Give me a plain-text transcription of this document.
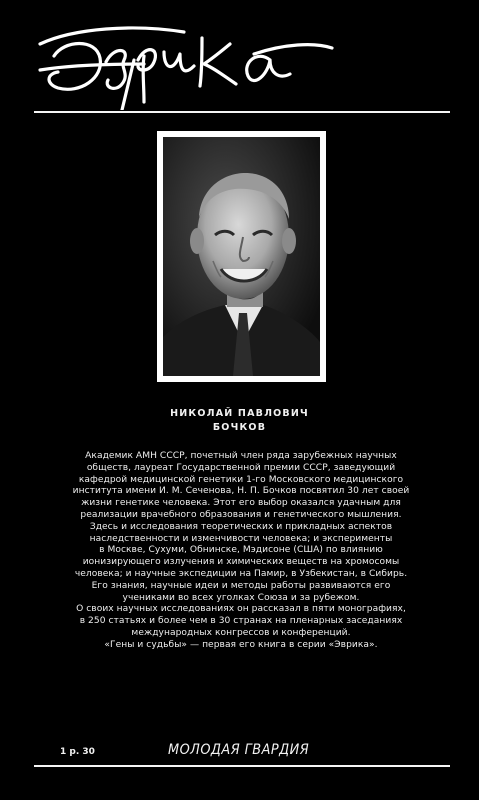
НИКОЛАЙ ПАВЛОВИЧ
БОЧКОВ
Академик АМН СССР, почетный член ряда зарубежных научных
обществ, лауреат Государственной премии СССР, заведующий
кафедрой медицинской генетики 1-го Московского медицинского
института имени И. М. Сеченова, Н. П. Бочков посвятил 30 лет своей
жизни генетике человека. Этот его выбор оказался удачным для
реализации врачебного образования и генетического мышления.
Здесь и исследования теоретических и прикладных аспектов
наследственности и изменчивости человека; и эксперименты
в Москве, Сухуми, Обнинске, Мэдисоне (США) по влиянию
ионизирующего излучения и химических веществ на хромосомы
человека; и научные экспедиции на Памир, в Узбекистан, в Сибирь.
Его знания, научные идеи и методы работы развиваются его
учениками во всех уголках Союза и за рубежом.
О своих научных исследованиях он рассказал в пяти монографиях,
в 250 статьях и более чем в 30 странах на пленарных заседаниях
международных конгрессов и конференций.
«Гены и судьбы» — первая его книга в серии «Эврика».
1 р. 30	МОЛОДАЯ ГВАРДИЯ
